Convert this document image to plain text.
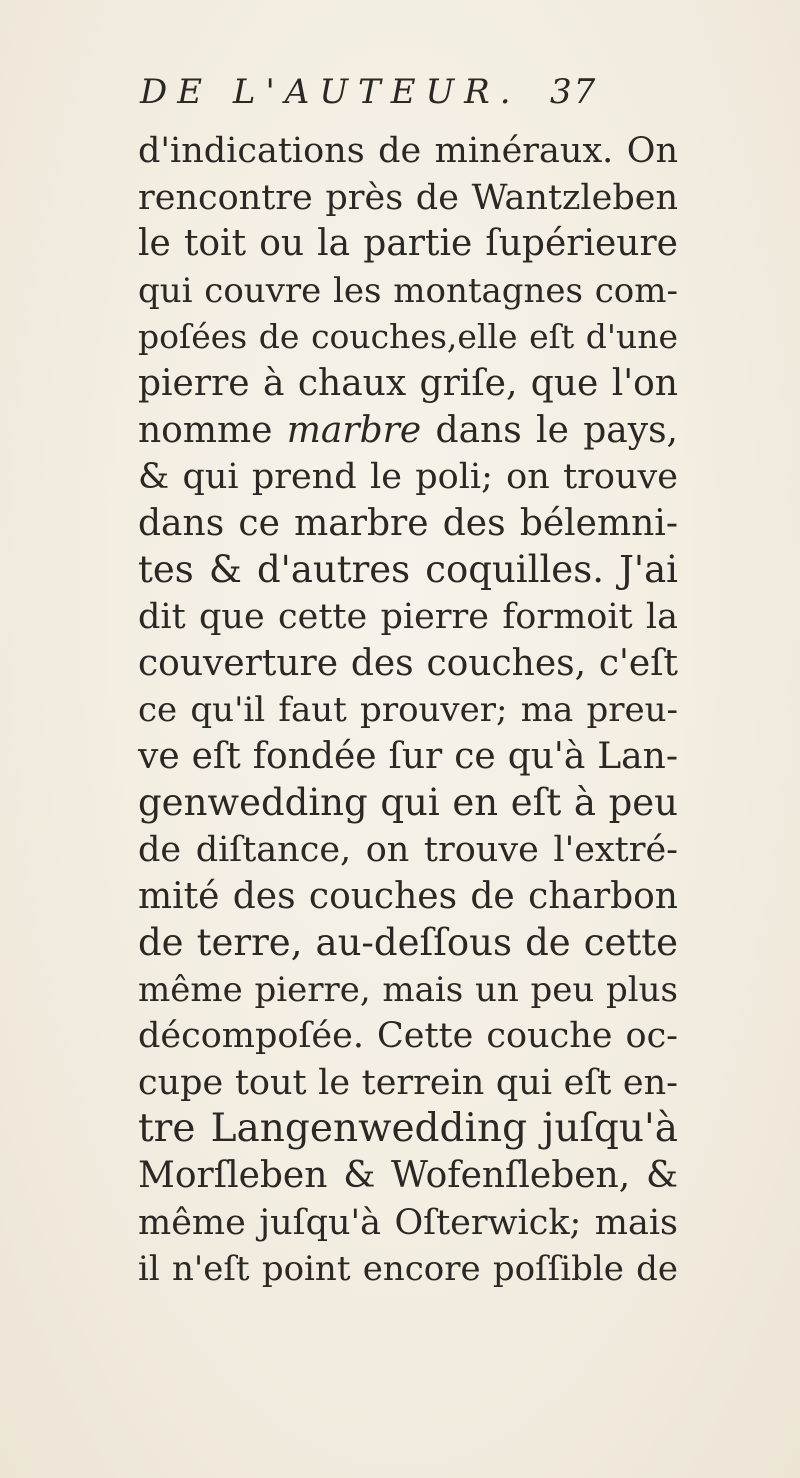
DE L'AUTEUR. 37
d'indications de minéraux. On
rencontre près de Wantzleben
le toit ou la partie ſupérieure
qui couvre les montagnes com-
poſées de couches,elle eſt d'une
pierre à chaux griſe, que l'on
nomme marbre dans le pays,
& qui prend le poli; on trouve
dans ce marbre des bélemni-
tes & d'autres coquilles. J'ai
dit que cette pierre formoit la
couverture des couches, c'eſt
ce qu'il faut prouver; ma preu-
ve eſt fondée ſur ce qu'à Lan-
genwedding qui en eſt à peu
de diſtance, on trouve l'extré-
mité des couches de charbon
de terre, au-deſſous de cette
même pierre, mais un peu plus
décompoſée. Cette couche oc-
cupe tout le terrein qui eſt en-
tre Langenwedding juſqu'à
Morſleben & Wofenſleben, &
même juſqu'à Oſterwick; mais
il n'eſt point encore poſſible de
